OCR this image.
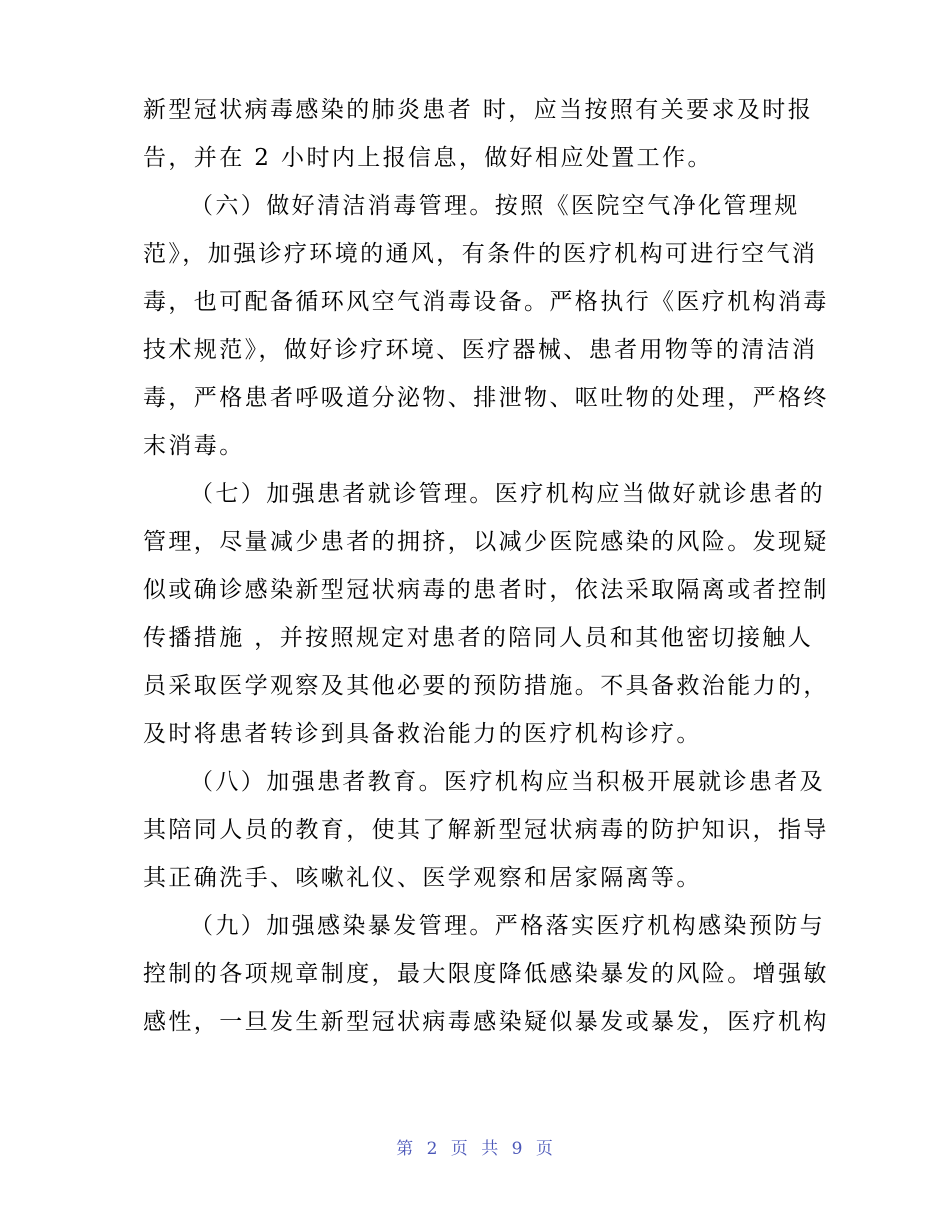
新型冠状病毒感染的肺炎患者 时，应当按照有关要求及时报
告，并在 2 小时内上报信息，做好相应处置工作。
（六）做好清洁消毒管理。按照《医院空气净化管理规
范》，加强诊疗环境的通风，有条件的医疗机构可进行空气消
毒，也可配备循环风空气消毒设备。严格执行《医疗机构消毒
技术规范》，做好诊疗环境、医疗器械、患者用物等的清洁消
毒，严格患者呼吸道分泌物、排泄物、呕吐物的处理，严格终
末消毒。
（七）加强患者就诊管理。医疗机构应当做好就诊患者的
管理，尽量减少患者的拥挤，以减少医院感染的风险。发现疑
似或确诊感染新型冠状病毒的患者时，依法采取隔离或者控制
传播措施 ，并按照规定对患者的陪同人员和其他密切接触人
员采取医学观察及其他必要的预防措施。不具备救治能力的，
及时将患者转诊到具备救治能力的医疗机构诊疗。
（八）加强患者教育。医疗机构应当积极开展就诊患者及
其陪同人员的教育，使其了解新型冠状病毒的防护知识，指导
其正确洗手、咳嗽礼仪、医学观察和居家隔离等。
（九）加强感染暴发管理。严格落实医疗机构感染预防与
控制的各项规章制度，最大限度降低感染暴发的风险。增强敏
感性，一旦发生新型冠状病毒感染疑似暴发或暴发，医疗机构
第 2 页 共 9 页
